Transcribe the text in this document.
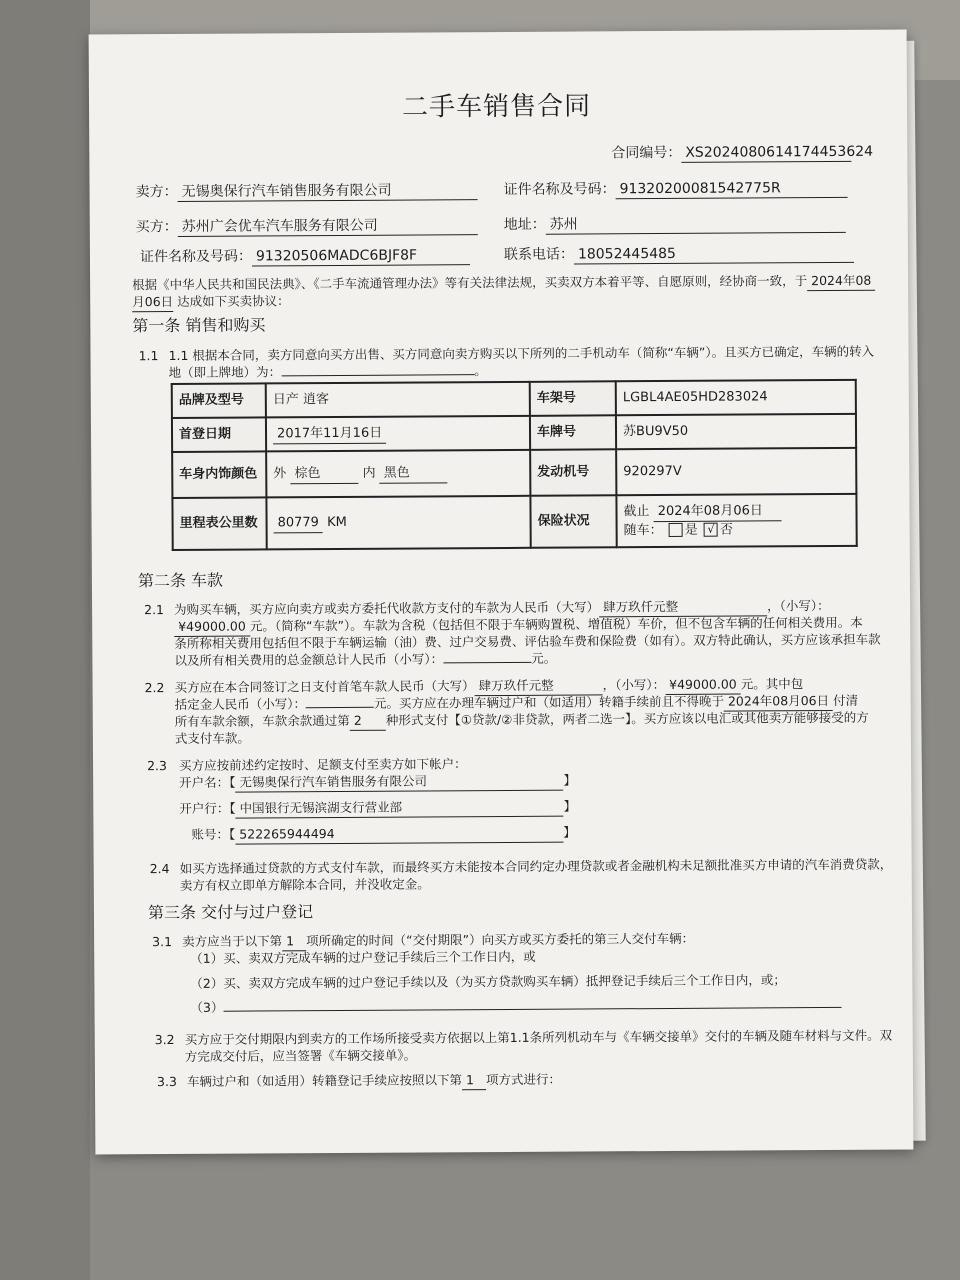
二手车销售合同
合同编号： XS2024080614174453624
卖方： 无锡奥保行汽车销售服务有限公司	证件名称及号码： 91320200081542775R
买方： 苏州广会优车汽车服务有限公司	地址： 苏州
证件名称及号码： 91320506MADC6BJF8F	联系电话： 18052445485
根据《中华人民共和国民法典》、《二手车流通管理办法》等有关法律法规，买卖双方本着平等、自愿原则，经协商一致，于 2024年08
月06日 达成如下买卖协议：
第一条 销售和购买
1.1 1.1 根据本合同，卖方同意向买方出售、买方同意向卖方购买以下所列的二手机动车（简称“车辆”）。且买方已确定，车辆的转入
地（即上牌地）为：	。
品牌及型号	日产 逍客	车架号	LGBL4AE05HD283024
首登日期	2017年11月16日	车牌号	苏BU9V50
车身内饰颜色	外 棕色 内 黑色	发动机号	920297V
里程表公里数	80779 KM	保险状况	截止 2024年08月06日
随车： 是 √ 否
第二条 车款
2.1 为购买车辆，买方应向卖方或卖方委托代收款方支付的车款为人民币（大写） 肆万玖仟元整	，（小写）：
¥49000.00 元。（简称“车款”）。车款为含税（包括但不限于车辆购置税、增值税）车价，但不包含车辆的任何相关费用。本
条所称相关费用包括但不限于车辆运输（油）费、过户交易费、评估验车费和保险费（如有）。双方特此确认，买方应该承担车款
以及所有相关费用的总金额总计人民币（小写）：	元。
2.2 买方应在本合同签订之日支付首笔车款人民币（大写） 肆万玖仟元整	，（小写）： ¥49000.00 元。其中包
括定金人民币（小写）：	元。买方应在办理车辆过户和（如适用）转籍手续前且不得晚于 2024年08月06日 付清
所有车款余额，车款余款通过第 2 种形式支付【①贷款/②非贷款，两者二选一】。买方应该以电汇或其他卖方能够接受的方
式支付车款。
2.3 买方应按前述约定按时、足额支付至卖方如下帐户：
开户名：【 无锡奥保行汽车销售服务有限公司	】
开户行：【 中国银行无锡滨湖支行营业部	】
账号：【 522265944494	】
2.4 如买方选择通过贷款的方式支付车款，而最终买方未能按本合同约定办理贷款或者金融机构未足额批准买方申请的汽车消费贷款，
卖方有权立即单方解除本合同，并没收定金。
第三条 交付与过户登记
3.1 卖方应当于以下第 1 项所确定的时间（“交付期限”）向买方或买方委托的第三人交付车辆：
（1）买、卖双方完成车辆的过户登记手续后三个工作日内，或
（2）买、卖双方完成车辆的过户登记手续以及（为买方贷款购买车辆）抵押登记手续后三个工作日内，或；
（3）
3.2 买方应于交付期限内到卖方的工作场所接受卖方依据以上第1.1条所列机动车与《车辆交接单》交付的车辆及随车材料与文件。双
方完成交付后，应当签署《车辆交接单》。
3.3 车辆过户和（如适用）转籍登记手续应按照以下第 1 项方式进行：
